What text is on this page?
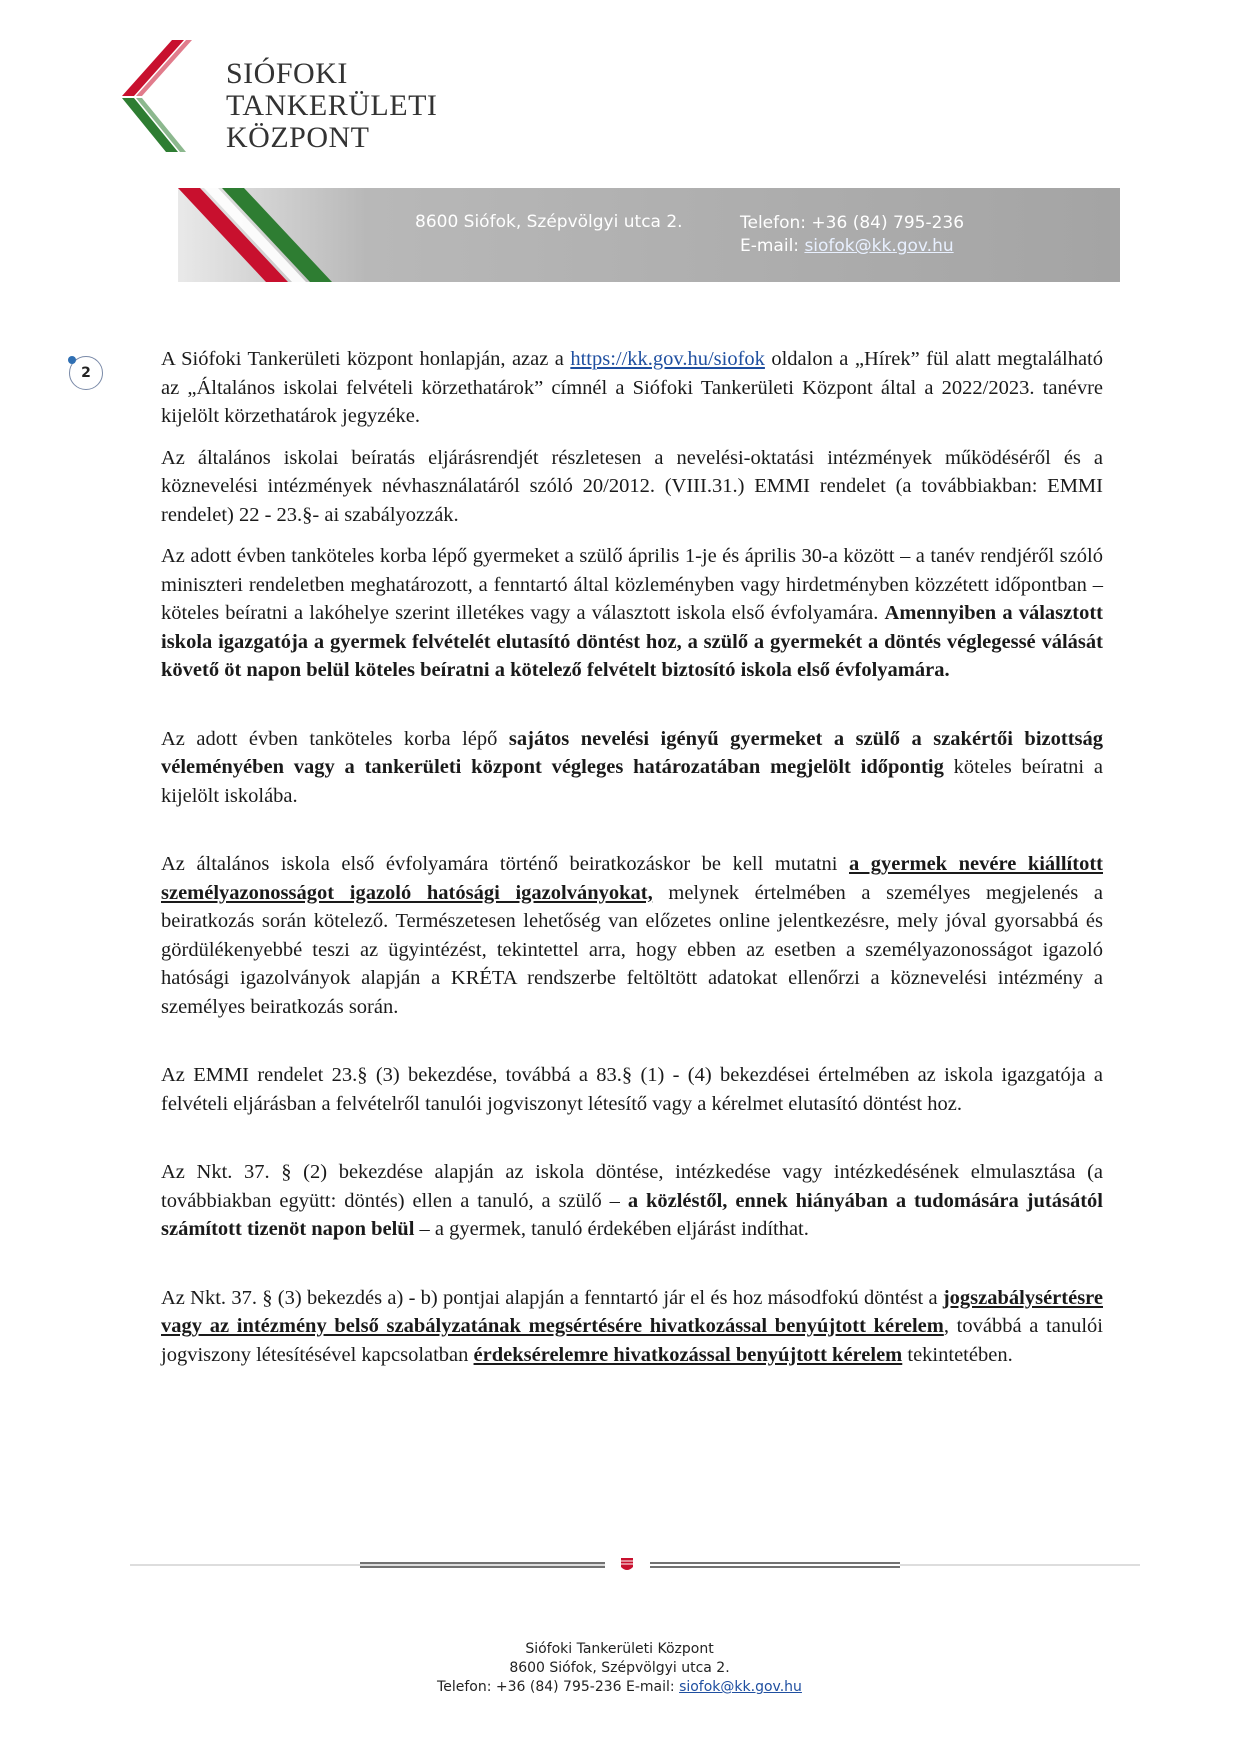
SIÓFOKI
TANKERÜLETI
KÖZPONT
8600 Siófok, Szépvölgyi utca 2.	Telefon: +36 (84) 795-236
E-mail: siofok@kk.gov.hu
2

A Siófoki Tankerületi központ honlapján, azaz a https://kk.gov.hu/siofok oldalon a „Hírek” fül alatt megtalálható az „Általános iskolai felvételi körzethatárok” címnél a Siófoki Tankerületi Központ által a 2022/2023. tanévre kijelölt körzethatárok jegyzéke.

Az általános iskolai beíratás eljárásrendjét részletesen a nevelési-oktatási intézmények működéséről és a köznevelési intézmények névhasználatáról szóló 20/2012. (VIII.31.) EMMI rendelet (a továbbiakban: EMMI rendelet) 22 - 23.§- ai szabályozzák.

Az adott évben tanköteles korba lépő gyermeket a szülő április 1-je és április 30-a között – a tanév rendjéről szóló miniszteri rendeletben meghatározott, a fenntartó által közleményben vagy hirdetményben közzétett időpontban – köteles beíratni a lakóhelye szerint illetékes vagy a választott iskola első évfolyamára. Amennyiben a választott iskola igazgatója a gyermek felvételét elutasító döntést hoz, a szülő a gyermekét a döntés véglegessé válását követő öt napon belül köteles beíratni a kötelező felvételt biztosító iskola első évfolyamára.

Az adott évben tanköteles korba lépő sajátos nevelési igényű gyermeket a szülő a szakértői bizottság véleményében vagy a tankerületi központ végleges határozatában megjelölt időpontig köteles beíratni a kijelölt iskolába.

Az általános iskola első évfolyamára történő beiratkozáskor be kell mutatni a gyermek nevére kiállított személyazonosságot igazoló hatósági igazolványokat, melynek értelmében a személyes megjelenés a beiratkozás során kötelező. Természetesen lehetőség van előzetes online jelentkezésre, mely jóval gyorsabbá és gördülékenyebbé teszi az ügyintézést, tekintettel arra, hogy ebben az esetben a személyazonosságot igazoló hatósági igazolványok alapján a KRÉTA rendszerbe feltöltött adatokat ellenőrzi a köznevelési intézmény a személyes beiratkozás során.

Az EMMI rendelet 23.§ (3) bekezdése, továbbá a 83.§ (1) - (4) bekezdései értelmében az iskola igazgatója a felvételi eljárásban a felvételről tanulói jogviszonyt létesítő vagy a kérelmet elutasító döntést hoz.

Az Nkt. 37. § (2) bekezdése alapján az iskola döntése, intézkedése vagy intézkedésének elmulasztása (a továbbiakban együtt: döntés) ellen a tanuló, a szülő – a közléstől, ennek hiányában a tudomására jutásától számított tizenöt napon belül – a gyermek, tanuló érdekében eljárást indíthat.

Az Nkt. 37. § (3) bekezdés a) - b) pontjai alapján a fenntartó jár el és hoz másodfokú döntést a jogszabálysértésre vagy az intézmény belső szabályzatának megsértésére hivatkozással benyújtott kérelem, továbbá a tanulói jogviszony létesítésével kapcsolatban érdeksérelemre hivatkozással benyújtott kérelem tekintetében.

Siófoki Tankerületi Központ
8600 Siófok, Szépvölgyi utca 2.
Telefon: +36 (84) 795-236 E-mail: siofok@kk.gov.hu
